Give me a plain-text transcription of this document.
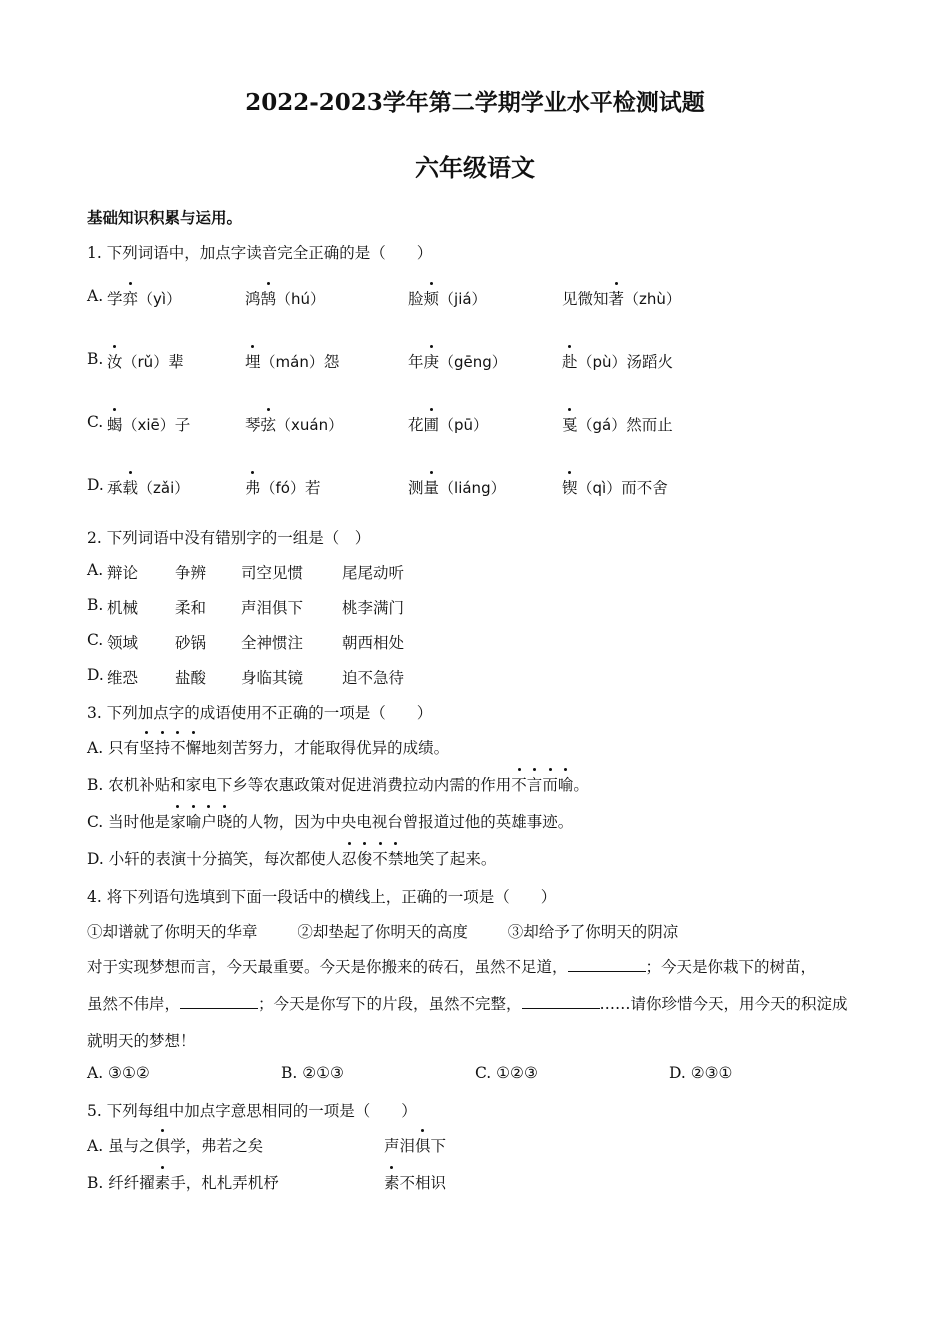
2022-2023学年第二学期学业水平检测试题
六年级语文
基础知识积累与运用。
1. 下列词语中，加点字读音完全正确的是（　　）
A. 学弈（yì）	鸿鹄（hú）	脸颊（jiá）	见微知著（zhù）
B. 汝（rǔ）辈	埋（mán）怨	年庚（gēng）	赴（pù）汤蹈火
C. 蝎（xiē）子	琴弦（xuán）	花圃（pū）	戛（gá）然而止
D. 承载（zǎi）	弗（fó）若	测量（liáng）	锲（qì）而不舍
2. 下列词语中没有错别字的一组是（　）
A. 辩论 争辨 司空见惯	尾尾动听
B. 机械 柔和 声泪俱下	桃李满门
C. 领域 砂锅 全神惯注	朝西相处
D. 维恐 盐酸 身临其镜	迫不急待
3. 下列加点字的成语使用不正确的一项是（　　）
A. 只有坚持不懈地刻苦努力，才能取得优异的成绩。
B. 农机补贴和家电下乡等农惠政策对促进消费拉动内需的作用不言而喻。
C. 当时他是家喻户晓的人物，因为中央电视台曾报道过他的英雄事迹。
D. 小轩的表演十分搞笑，每次都使人忍俊不禁地笑了起来。
4. 将下列语句选填到下面一段话中的横线上，正确的一项是（　　）
①却谱就了你明天的华章	②却垫起了你明天的高度	③却给予了你明天的阴凉
对于实现梦想而言，今天最重要。今天是你搬来的砖石，虽然不足道，	；今天是你栽下的树苗，
虽然不伟岸，	；今天是你写下的片段，虽然不完整，	……请你珍惜今天，用今天的积淀成
就明天的梦想！
A. ③①②	B. ②①③	C. ①②③	D. ②③①
5. 下列每组中加点字意思相同的一项是（　　）
A. 虽与之俱学，弗若之矣	声泪俱下
B. 纤纤擢素手，札札弄机杼	素不相识
